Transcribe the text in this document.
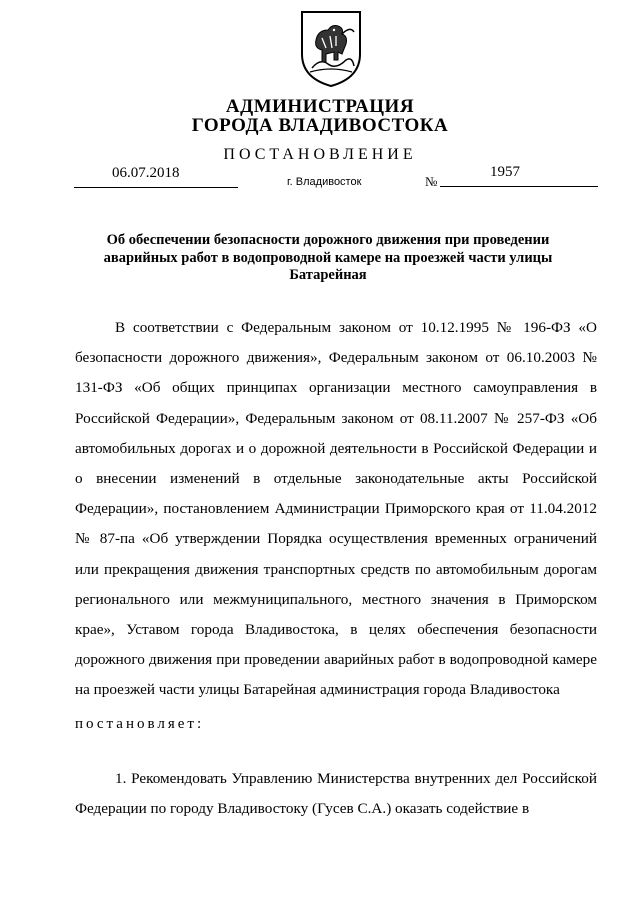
АДМИНИСТРАЦИЯ
ГОРОДА ВЛАДИВОСТОКА
ПОСТАНОВЛЕНИЕ
06.07.2018
г. Владивосток	№
1957
Об обеспечении безопасности дорожного движения при проведении аварийных работ в водопроводной камере на проезжей части улицы Батарейная

В соответствии с Федеральным законом от 10.12.1995 № 196-ФЗ «О безопасности дорожного движения», Федеральным законом от 06.10.2003 № 131-ФЗ «Об общих принципах организации местного самоуправления в Российской Федерации», Федеральным законом от 08.11.2007 № 257-ФЗ «Об автомобильных дорогах и о дорожной деятельности в Российской Федерации и о внесении изменений в отдельные законодательные акты Российской Федерации», постановлением Администрации Приморского края от 11.04.2012 № 87-па «Об утверждении Порядка осуществления временных ограничений или прекращения движения транспортных средств по автомобильным дорогам регионального или межмуниципального, местного значения в Приморском крае», Уставом города Владивостока, в целях обеспечения безопасности дорожного движения при проведении аварийных работ в водопроводной камере на проезжей части улицы Батарейная администрация города Владивостока

постановляет:

1. Рекомендовать Управлению Министерства внутренних дел Российской Федерации по городу Владивостоку (Гусев С.А.) оказать содействие в
